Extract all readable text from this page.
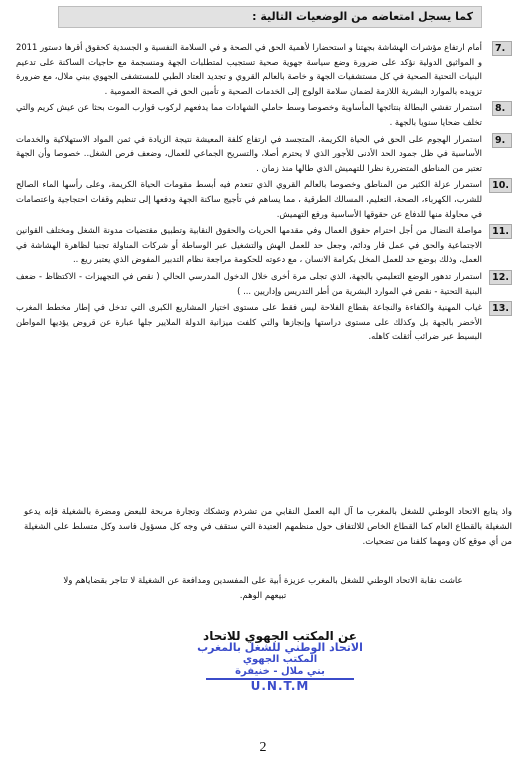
كما يسجل امتعاضه من الوضعيات التالية :
7.
أمام ارتفاع مؤشرات الهشاشة بجهتنا و استحضارا لأهمية الحق في الصحة و في السلامة النفسية و الجسدية كحقوق أقرها دستور 2011 و المواثيق الدولية نؤكد على ضرورة وضع سياسة جهوية صحية تستجيب لمتطلبات الجهة ومنسجمة مع حاجيات الساكنة على تدعيم البنيات التحتية الصحية في كل مستشفيات الجهة و خاصة بالعالم القروي و تجديد العتاد الطبي للمستشفى الجهوي ببني ملال، مع ضرورة تزويده بالموارد البشرية اللازمة لضمان سلامة الولوج إلى الخدمات الصحية و تأمين الحق في الصحة العمومية .
8.
استمرار تفشي البطالة بنتائجها المأساوية وخصوصا وسط حاملي الشهادات مما يدفعهم لركوب قوارب الموت بحثا عن عيش كريم والتي تخلف ضحايا سنويا بالجهة .
9.
استمرار الهجوم على الحق في الحياة الكريمة، المتجسد في ارتفاع كلفة المعيشة نتيجة الزيادة في ثمن المواد الاستهلاكية والخدمات الأساسية في ظل جمود الحد الأدنى للأجور الذي لا يحترم أصلا، والتسريح الجماعي للعمال، وضعف فرص الشغل.. خصوصا وأن الجهة تعتبر من المناطق المتضررة نظرا للتهميش الذي طالها منذ زمان .
10.
استمرار عزلة الكثير من المناطق وخصوصا بالعالم القروي الذي تنعدم فيه أبسط مقومات الحياة الكريمة، وعلى رأسها الماء الصالح للشرب، الكهرباء، الصحة، التعليم، المسالك الطرقية ، مما يساهم في تأجيج ساكنة الجهة ودفعها إلى تنظيم وقفات احتجاجية واعتصامات في محاولة منها للدفاع عن حقوقها الأساسية ورفع التهميش.
11.
مواصلة النضال من أجل احترام حقوق العمال وفي مقدمها الحريات والحقوق النقابية وتطبيق مقتضيات مدونة الشغل ومختلف القوانين الاجتماعية والحق في عمل قار ودائم، وجعل حد للعمل الهش والتشغيل عبر الوساطة أو شركات المناولة تجنبا لظاهرة الهشاشة في العمل، وذلك بوضع حد للعمل المخل بكرامة الانسان ، مع دعوته للحكومة مراجعة نظام التدبير المفوض الذي يعتبر ريع ..
12.
استمرار تدهور الوضع التعليمي بالجهة، الذي تجلى مرة أخرى خلال الدخول المدرسي الحالي ( نقص في التجهيزات - الاكتظاظ - ضعف البنية التحتية - نقص في الموارد البشرية من أطر التدريس وإداريين ... )
13.
غياب المهنية والكفاءة والنجاعة بقطاع الفلاحة ليس فقط على مستوى اختيار المشاريع الكبرى التي تدخل في إطار مخطط المغرب الأخضر بالجهة بل وكذلك على مستوى دراستها وإنجازها والتي كلفت ميزانية الدولة الملايير جلها عبارة عن قروض يؤديها المواطن البسيط عبر ضرائب أثقلت كاهله.

واذ يتابع الاتحاد الوطني للشغل بالمغرب ما آل اليه العمل النقابي من تشرذم وتشكك وتجارة مربحة للبعض ومضرة بالشغيلة فإنه يدعو الشغيلة بالقطاع العام كما القطاع الخاص للالتفاف حول منظمهم العتيدة التي ستقف في وجه كل مسؤول فاسد وكل متسلط على الشغيلة من أي موقع كان ومهما كلفنا من تضحيات.

عاشت نقابة الاتحاد الوطني للشغل بالمغرب عزيزة أبية على المفسدين ومدافعة عن الشغيلة لا تتاجر بقضاياهم ولا تبيعهم الوهم.

عن المكتب الجهوي للاتحاد
الاتحاد الوطني للشغل بالمغرب
المكتب الجهوي
بني ملال - خنيفرة
U.N.T.M
2
